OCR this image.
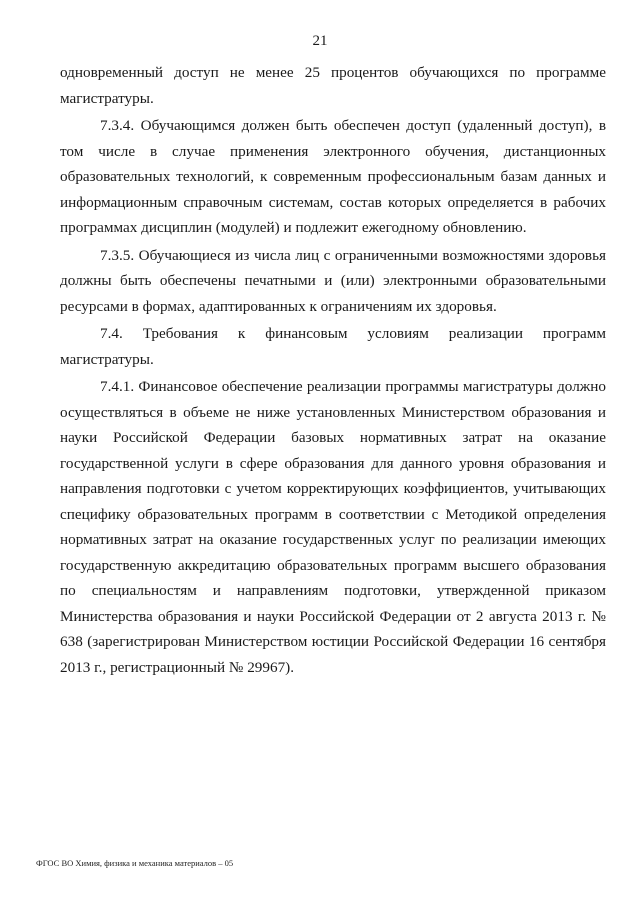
21

одновременный доступ не менее 25 процентов обучающихся по программе магистратуры.

7.3.4. Обучающимся должен быть обеспечен доступ (удаленный доступ), в том числе в случае применения электронного обучения, дистанционных образовательных технологий, к современным профессиональным базам данных и информационным справочным системам, состав которых определяется в рабочих программах дисциплин (модулей) и подлежит ежегодному обновлению.

7.3.5. Обучающиеся из числа лиц с ограниченными возможностями здоровья должны быть обеспечены печатными и (или) электронными образовательными ресурсами в формах, адаптированных к ограничениям их здоровья.

7.4. Требования к финансовым условиям реализации программ магистратуры.

7.4.1. Финансовое обеспечение реализации программы магистратуры должно осуществляться в объеме не ниже установленных Министерством образования и науки Российской Федерации базовых нормативных затрат на оказание государственной услуги в сфере образования для данного уровня образования и направления подготовки с учетом корректирующих коэффициентов, учитывающих специфику образовательных программ в соответствии с Методикой определения нормативных затрат на оказание государственных услуг по реализации имеющих государственную аккредитацию образовательных программ высшего образования по специальностям и направлениям подготовки, утвержденной приказом Министерства образования и науки Российской Федерации от 2 августа 2013 г. № 638 (зарегистрирован Министерством юстиции Российской Федерации 16 сентября 2013 г., регистрационный № 29967).

ФГОС ВО Химия, физика и механика материалов – 05
